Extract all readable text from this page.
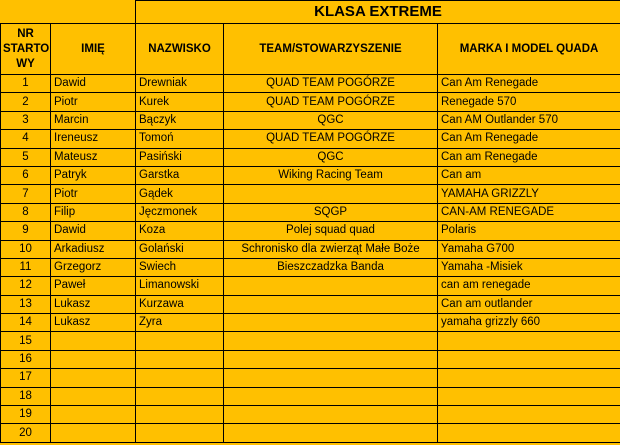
		KLASA EXTREME		
NR STARTO WY	IMIĘ	NAZWISKO	TEAM/STOWARZYSZENIE	MARKA I MODEL QUADA
1	Dawid	Drewniak	QUAD TEAM POGÓRZE	Can Am Renegade
2	Piotr	Kurek	QUAD TEAM POGÓRZE	Renegade 570
3	Marcin	Bączyk	QGC	Can AM Outlander 570
4	Ireneusz	Tomoń	QUAD TEAM POGÓRZE	Can Am Renegade
5	Mateusz	Pasiński	QGC	Can am Renegade
6	Patryk	Garstka	Wiking Racing Team	Can am
7	Piotr	Gądek		YAMAHA GRIZZLY
8	Filip	Jęczmonek	SQGP	CAN-AM RENEGADE
9	Dawid	Koza	Polej squad quad	Polaris
10	Arkadiusz	Golański	Schronisko dla zwierząt Małe Boże	Yamaha G700
11	Grzegorz	Swiech	Bieszczadzka Banda	Yamaha -Misiek
12	Paweł	Limanowski		can am renegade
13	Lukasz	Kurzawa		Can am outlander
14	Lukasz	Zyra		yamaha grizzly 660
15				
16				
17				
18				
19				
20				
